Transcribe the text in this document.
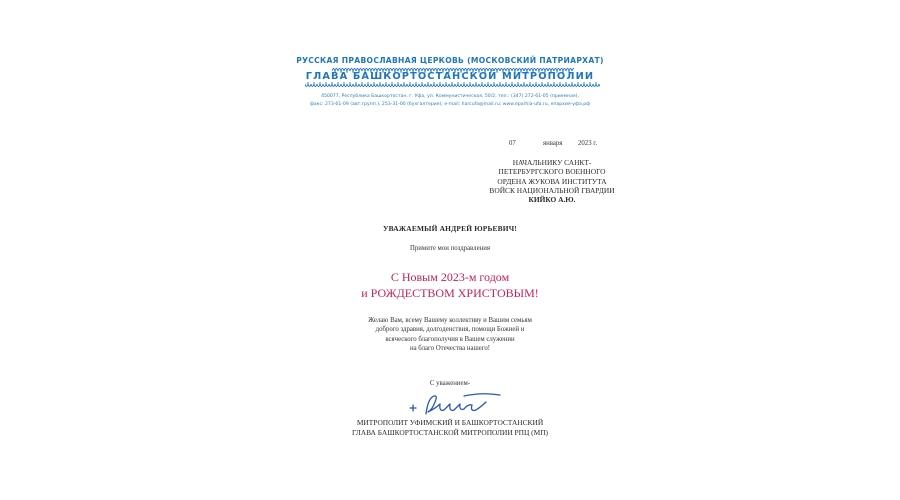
РУССКАЯ ПРАВОСЛАВНАЯ ЦЕРКОВЬ (МОСКОВСКИЙ ПАТРИАРХАТ)
ГЛАВА БАШКОРТОСТАНСКОЙ МИТРОПОЛИИ
450077, Республика Башкортостан, г. Уфа, ул. Коммунистическая, 50/2, тел.: (347) 272-61-05 (приемная),
факс: 273-61-09 (авт.групп.), 253-31-00 (бухгалтерия); e-mail: harcufa@mail.ru; www.eparhia-ufa.ru, епархия-уфа.рф
07	января 2023 г.
НАЧАЛЬНИКУ САНКТ-
ПЕТЕРБУРГСКОГО ВОЕННОГО
ОРДЕНА ЖУКОВА ИНСТИТУТА
ВОЙСК НАЦИОНАЛЬНОЙ ГВАРДИИ
КИЙКО А.Ю.
УВАЖАЕМЫЙ АНДРЕЙ ЮРЬЕВИЧ!
Примите мои поздравления
С Новым 2023-м годом
и РОЖДЕСТВОМ ХРИСТОВЫМ!
Желаю Вам, всему Вашему коллективу и Вашим семьям
доброго здравия, долгоденствия, помощи Божией и
всяческого благополучия в Вашем служении
на благо Отечества нашего!
С уважением-
МИТРОПОЛИТ УФИМСКИЙ И БАШКОРТОСТАНСКИЙ
ГЛАВА БАШКОРТОСТАНСКОЙ МИТРОПОЛИИ РПЦ (МП)
